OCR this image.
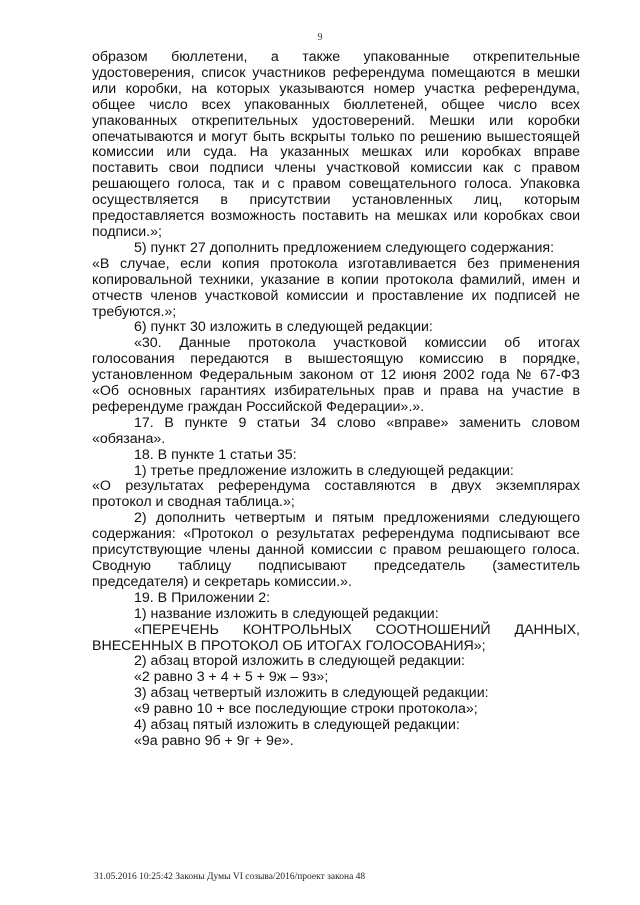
9

образом бюллетени, а также упакованные открепительные удостоверения, список участников референдума помещаются в мешки или коробки, на которых указываются номер участка референдума, общее число всех упакованных бюллетеней, общее число всех упакованных открепительных удостоверений. Мешки или коробки опечатываются и могут быть вскрыты только по решению вышестоящей комиссии или суда. На указанных мешках или коробках вправе поставить свои подписи члены участковой комиссии как с правом решающего голоса, так и с правом совещательного голоса. Упаковка осуществляется в присутствии установленных лиц, которым предоставляется возможность поставить на мешках или коробках свои подписи.»;

5) пункт 27 дополнить предложением следующего содержания:

«В случае, если копия протокола изготавливается без применения копировальной техники, указание в копии протокола фамилий, имен и отчеств членов участковой комиссии и проставление их подписей не требуются.»;

6) пункт 30 изложить в следующей редакции:

«30. Данные протокола участковой комиссии об итогах голосования передаются в вышестоящую комиссию в порядке, установленном Федеральным законом от 12 июня 2002 года № 67-ФЗ «Об основных гарантиях избирательных прав и права на участие в референдуме граждан Российской Федерации».».

17. В пункте 9 статьи 34 слово «вправе» заменить словом «обязана».

18. В пункте 1 статьи 35:

1) третье предложение изложить в следующей редакции:

«О результатах референдума составляются в двух экземплярах протокол и сводная таблица.»;

2) дополнить четвертым и пятым предложениями следующего содержания: «Протокол о результатах референдума подписывают все присутствующие члены данной комиссии с правом решающего голоса. Сводную таблицу подписывают председатель (заместитель председателя) и секретарь комиссии.».

19. В Приложении 2:

1) название изложить в следующей редакции:

«ПЕРЕЧЕНЬ КОНТРОЛЬНЫХ СООТНОШЕНИЙ ДАННЫХ, ВНЕСЕННЫХ В ПРОТОКОЛ ОБ ИТОГАХ ГОЛОСОВАНИЯ»;

2) абзац второй изложить в следующей редакции:

«2 равно 3 + 4 + 5 + 9ж – 9з»;

3) абзац четвертый изложить в следующей редакции:

«9 равно 10 + все последующие строки протокола»;

4) абзац пятый изложить в следующей редакции:

«9а равно 9б + 9г + 9е».

31.05.2016 10:25:42 Законы Думы VI созыва/2016/проект закона 48
